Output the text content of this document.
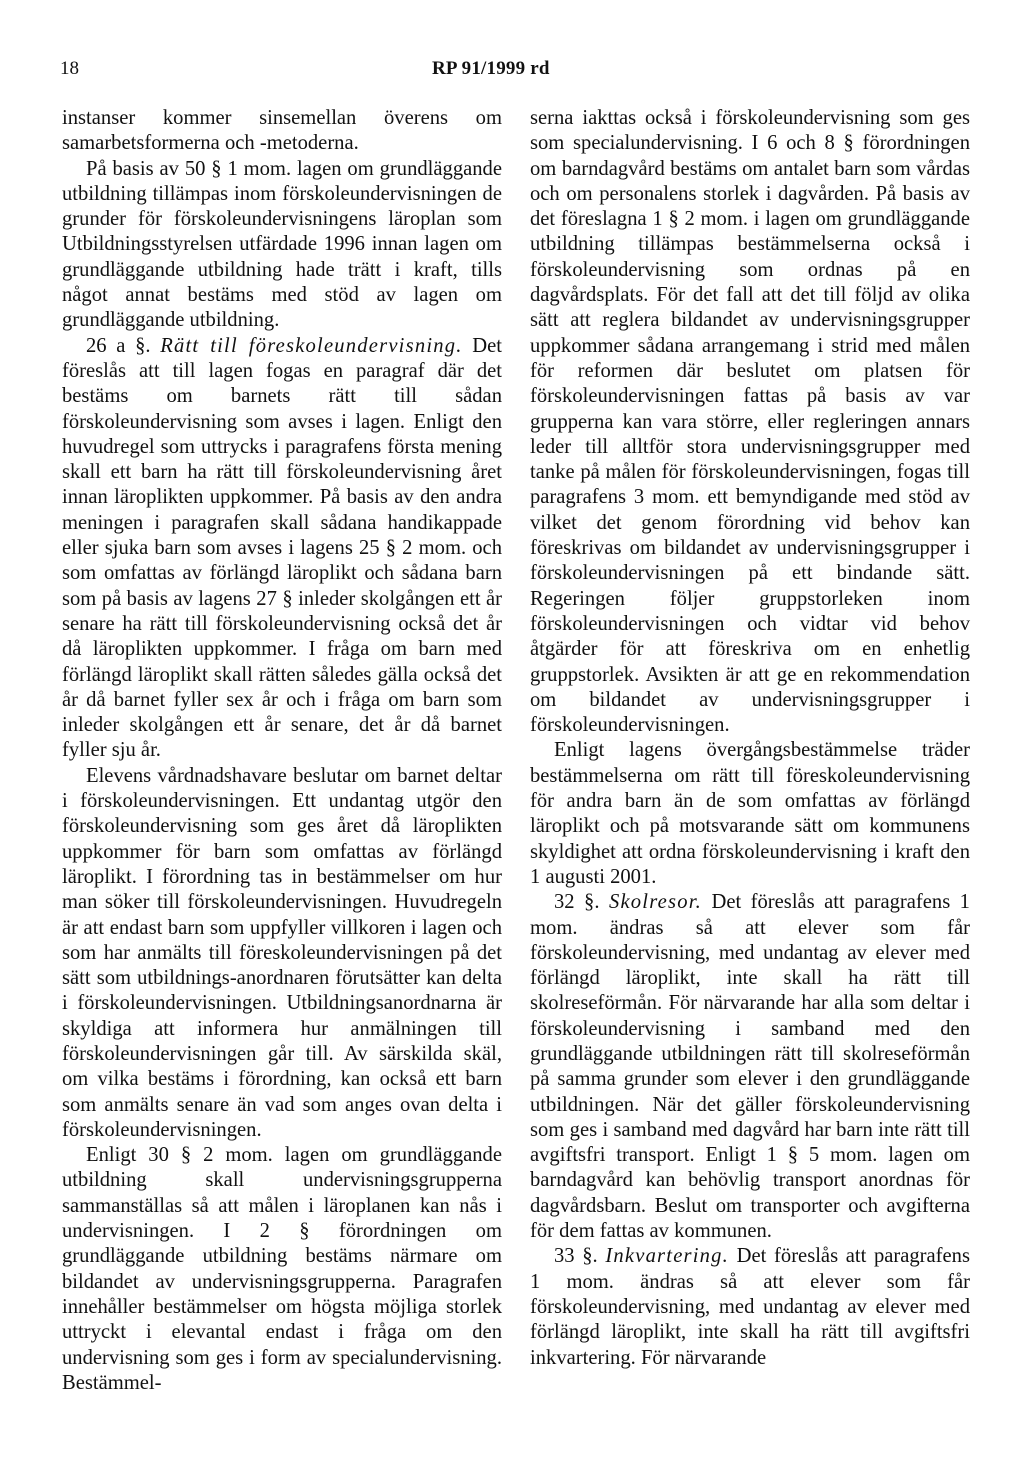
18	RP 91/1999 rd

instanser kommer sinsemellan överens om samarbetsformerna och -metoderna.

På basis av 50 § 1 mom. lagen om grundläggande utbildning tillämpas inom förskoleundervisningen de grunder för förskoleundervisningens läroplan som Utbildningsstyrelsen utfärdade 1996 innan lagen om grundläggande utbildning hade trätt i kraft, tills något annat bestäms med stöd av lagen om grundläggande utbildning.

26 a §. Rätt till föreskoleundervisning. Det föreslås att till lagen fogas en paragraf där det bestäms om barnets rätt till sådan förskoleundervisning som avses i lagen. Enligt den huvudregel som uttrycks i paragrafens första mening skall ett barn ha rätt till förskoleundervisning året innan läroplikten uppkommer. På basis av den andra meningen i paragrafen skall sådana handikappade eller sjuka barn som avses i lagens 25 § 2 mom. och som omfattas av förlängd läroplikt och sådana barn som på basis av lagens 27 § inleder skolgången ett år senare ha rätt till förskoleundervisning också det år då läroplikten uppkommer. I fråga om barn med förlängd läroplikt skall rätten således gälla också det år då barnet fyller sex år och i fråga om barn som inleder skolgången ett år senare, det år då barnet fyller sju år.

Elevens vårdnadshavare beslutar om barnet deltar i förskoleundervisningen. Ett undantag utgör den förskoleundervisning som ges året då läroplikten uppkommer för barn som omfattas av förlängd läroplikt. I förordning tas in bestämmelser om hur man söker till förskoleundervisningen. Huvudregeln är att endast barn som uppfyller villkoren i lagen och som har anmälts till föreskoleundervisningen på det sätt som utbildnings-anordnaren förutsätter kan delta i förskoleundervisningen. Utbildningsanordnarna är skyldiga att informera hur anmälningen till förskoleundervisningen går till. Av särskilda skäl, om vilka bestäms i förordning, kan också ett barn som anmälts senare än vad som anges ovan delta i förskoleundervisningen.

Enligt 30 § 2 mom. lagen om grundläggande utbildning skall undervisningsgrupperna sammanställas så att målen i läroplanen kan nås i undervisningen. I 2 § förordningen om grundläggande utbildning bestäms närmare om bildandet av undervisningsgrupperna. Paragrafen innehåller bestämmelser om högsta möjliga storlek uttryckt i elevantal endast i fråga om den undervisning som ges i form av specialundervisning. Bestämmel-

serna iakttas också i förskoleundervisning som ges som specialundervisning. I 6 och 8 § förordningen om barndagvård bestäms om antalet barn som vårdas och om personalens storlek i dagvården. På basis av det föreslagna 1 § 2 mom. i lagen om grundläggande utbildning tillämpas bestämmelserna också i förskoleundervisning som ordnas på en dagvårdsplats. För det fall att det till följd av olika sätt att reglera bildandet av undervisningsgrupper uppkommer sådana arrangemang i strid med målen för reformen där beslutet om platsen för förskoleundervisningen fattas på basis av var grupperna kan vara större, eller regleringen annars leder till alltför stora undervisningsgrupper med tanke på målen för förskoleundervisningen, fogas till paragrafens 3 mom. ett bemyndigande med stöd av vilket det genom förordning vid behov kan föreskrivas om bildandet av undervisningsgrupper i förskoleundervisningen på ett bindande sätt. Regeringen följer gruppstorleken inom förskoleundervisningen och vidtar vid behov åtgärder för att föreskriva om en enhetlig gruppstorlek. Avsikten är att ge en rekommendation om bildandet av undervisningsgrupper i förskoleundervisningen.

Enligt lagens övergångsbestämmelse träder bestämmelserna om rätt till föreskoleundervisning för andra barn än de som omfattas av förlängd läroplikt och på motsvarande sätt om kommunens skyldighet att ordna förskoleundervisning i kraft den 1 augusti 2001.

32 §. Skolresor. Det föreslås att paragrafens 1 mom. ändras så att elever som får förskoleundervisning, med undantag av elever med förlängd läroplikt, inte skall ha rätt till skolreseförmån. För närvarande har alla som deltar i förskoleundervisning i samband med den grundläggande utbildningen rätt till skolreseförmån på samma grunder som elever i den grundläggande utbildningen. När det gäller förskoleundervisning som ges i samband med dagvård har barn inte rätt till avgiftsfri transport. Enligt 1 § 5 mom. lagen om barndagvård kan behövlig transport anordnas för dagvårdsbarn. Beslut om transporter och avgifterna för dem fattas av kommunen.

33 §. Inkvartering. Det föreslås att paragrafens 1 mom. ändras så att elever som får förskoleundervisning, med undantag av elever med förlängd läroplikt, inte skall ha rätt till avgiftsfri inkvartering. För närvarande
